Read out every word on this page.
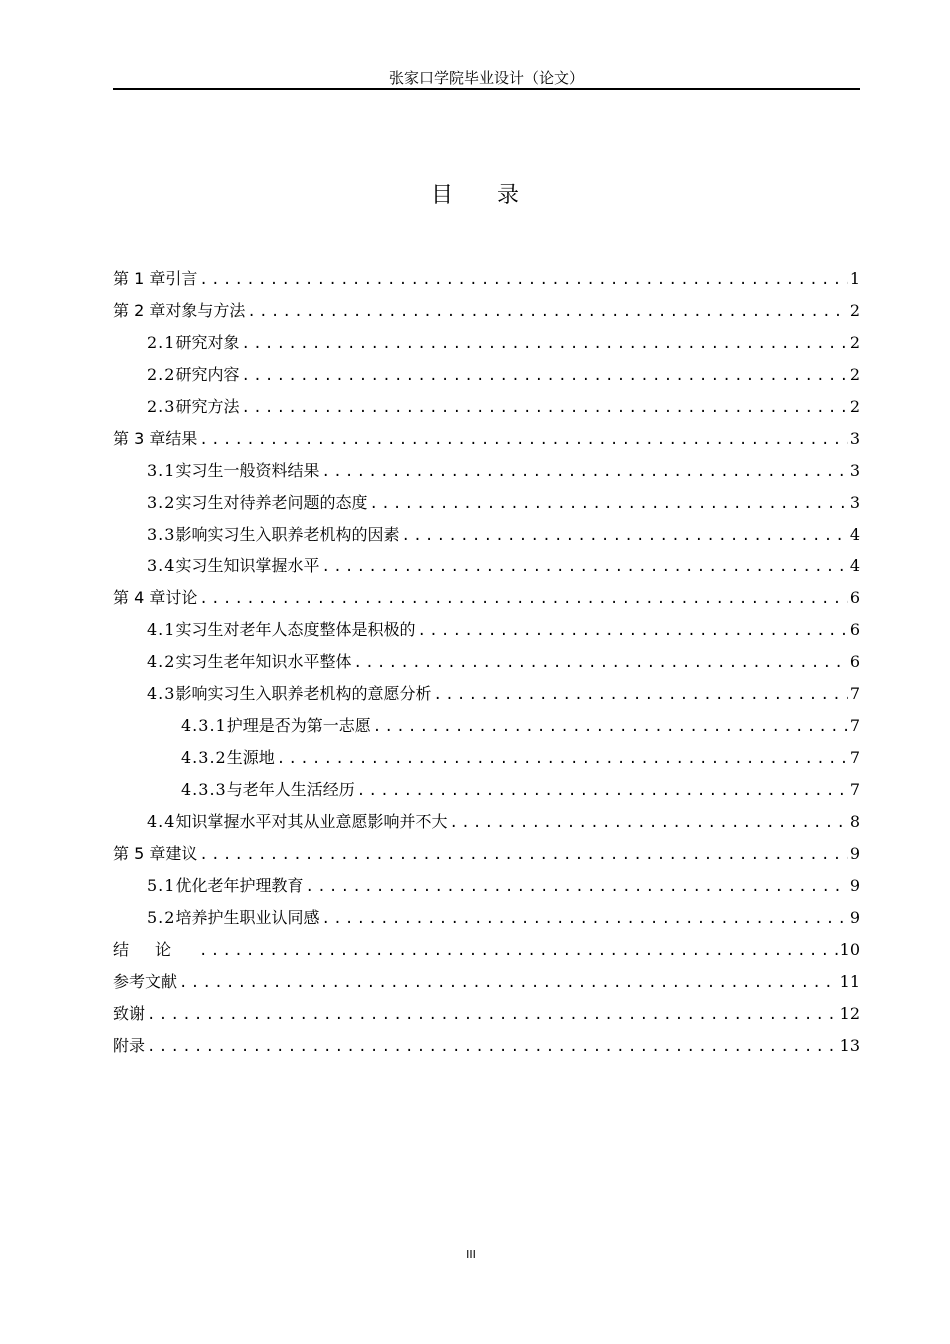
张家口学院毕业设计（论文）
目录
第 1 章 引言 .....	1
第 2 章 对象与方法 .....	2
2.1 研究对象 .....	2
2.2 研究内容 .....	2
2.3 研究方法 .....	2
第 3 章 结果 .....	3
3.1 实习生一般资料结果 .....	3
3.2 实习生对待养老问题的态度 .....	3
3.3 影响实习生入职养老机构的因素 .....	4
3.4 实习生知识掌握水平 .....	4
第 4 章 讨论 .....	6
4.1 实习生对老年人态度整体是积极的 .....	6
4.2 实习生老年知识水平整体 .....	6
4.3 影响实习生入职养老机构的意愿分析 .....	7
4.3.1 护理是否为第一志愿 .....	7
4.3.2 生源地 .....	7
4.3.3 与老年人生活经历 .....	7
4.4 知识掌握水平对其从业意愿影响并不大 .....	8
第 5 章 建议 .....	9
5.1 优化老年护理教育 .....	9
5.2 培养护生职业认同感 .....	9
结论 .....	10
参考文献 .....	11
致谢 .....	12
附录 .....	13
III
